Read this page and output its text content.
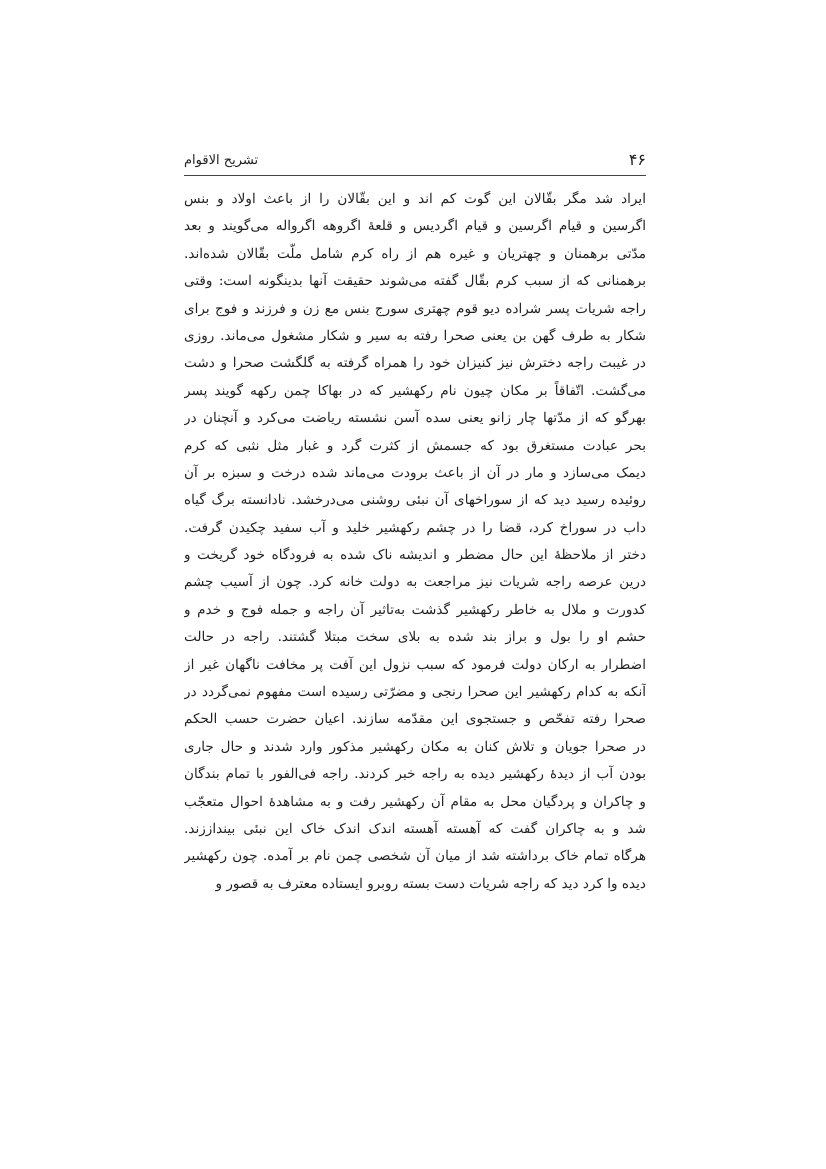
۴۶
تشریح الاقوام
ایراد شد مگر بقّالان این گوت کم اند و این بقّالان را از باعث اولاد و بنس
اگرسین و قیام اگرسین و قیام اگردیس و قلعهٔ اگروهه اگرواله می‌گویند و بعد
مدّتی برهمنان و چهتریان و غیره هم از راه کرم شامل ملّت بقّالان شده‌اند.
برهمنانی که از سبب کرم بقّال گفته می‌شوند حقیقت آنها بدینگونه است: وقتی
راجه شریات پسر شراده دیو قوم چهتری سورج بنس مع زن و فرزند و فوج برای
شکار به طرف گهن بن یعنی صحرا رفته به سیر و شکار مشغول می‌ماند. روزی
در غیبت راجه دخترش نیز کنیزان خود را همراه گرفته به گلگشت صحرا و دشت
می‌گشت. اتّفاقاً بر مکان چیون نام رکهشیر که در بهاکا چمن رکهه گویند پسر
بهرگو که از مدّتها چار زانو یعنی سده آسن نشسته ریاضت می‌کرد و آنچنان در
بحر عبادت مستغرق بود که جسمش از کثرت گرد و غبار مثل نثبی که کرم
دیمک می‌سازد و مار در آن از باعث برودت می‌ماند شده درخت و سبزه بر آن
روئیده رسید دید که از سوراخهای آن نبئی روشنی می‌درخشد. نادانسته برگ گیاه
داب در سوراخ کرد، قضا را در چشم رکهشیر خلید و آب سفید چکیدن گرفت.
دختر از ملاحظهٔ این حال مضطر و اندیشه ناک شده به فرودگاه خود گریخت و
درین عرصه راجه شریات نیز مراجعت به دولت خانه کرد. چون از آسیب چشم
کدورت و ملال به خاطر رکهشیر گذشت به‌تاثیر آن راجه و جمله فوج و خدم و
حشم او را بول و براز بند شده به بلای سخت مبتلا گشتند. راجه در حالت
اضطرار به ارکان دولت فرمود که سبب نزول این آفت پر مخافت ناگهان غیر از
آنکه به کدام رکهشیر این صحرا رنجی و مضرّتی رسیده است مفهوم نمی‌گردد در
صحرا رفته تفحّص و جستجوی این مقدّمه سازند. اعیان حضرت حسب الحکم
در صحرا جویان و تلاش کنان به مکان رکهشیر مذکور وارد شدند و حال جاری
بودن آب از دیدهٔ رکهشیر دیده به راجه خبر کردند. راجه فی‌الفور با تمام بندگان
و چاکران و پردگیان محل به مقام آن رکهشیر رفت و به مشاهدهٔ احوال متعجّب
شد و به چاکران گفت که آهسته آهسته اندک اندک خاک این نبئی بینداززند.
هرگاه تمام خاک برداشته شد از میان آن شخصی چمن نام بر آمده. چون رکهشیر
دیده وا کرد دید که راجه شریات دست بسته روبرو ایستاده معترف به قصور و
